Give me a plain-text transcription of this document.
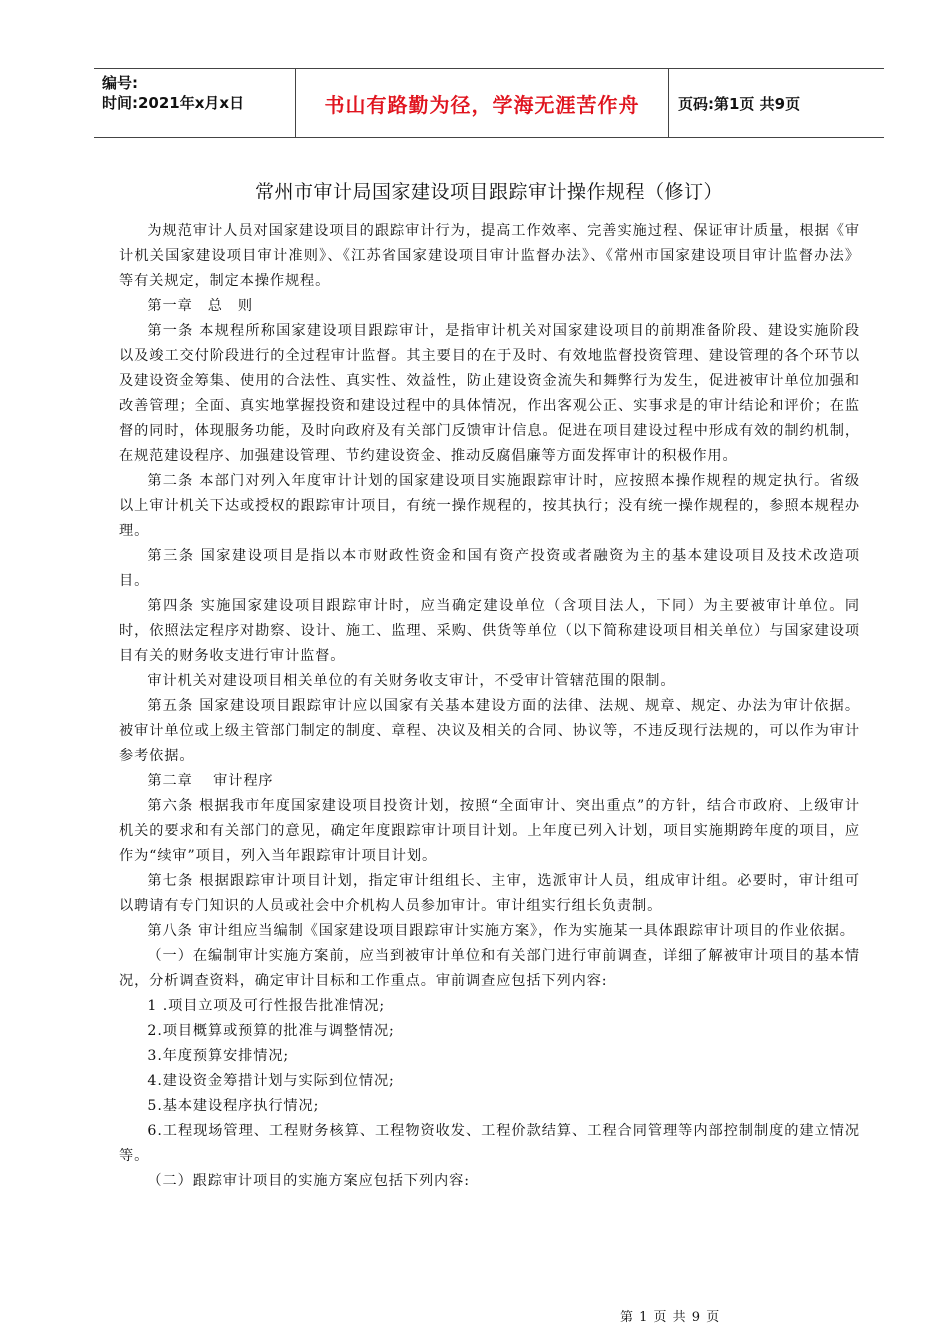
编号:
时间:2021年x月x日	书山有路勤为径，学海无涯苦作舟	页码:第1页 共9页
常州市审计局国家建设项目跟踪审计操作规程（修订）

为规范审计人员对国家建设项目的跟踪审计行为，提高工作效率、完善实施过程、保证审计质量，根据《审计机关国家建设项目审计准则》、《江苏省国家建设项目审计监督办法》、《常州市国家建设项目审计监督办法》等有关规定，制定本操作规程。

第一章　总　则

第一条 本规程所称国家建设项目跟踪审计，是指审计机关对国家建设项目的前期准备阶段、建设实施阶段以及竣工交付阶段进行的全过程审计监督。其主要目的在于及时、有效地监督投资管理、建设管理的各个环节以及建设资金筹集、使用的合法性、真实性、效益性，防止建设资金流失和舞弊行为发生，促进被审计单位加强和改善管理；全面、真实地掌握投资和建设过程中的具体情况，作出客观公正、实事求是的审计结论和评价；在监督的同时，体现服务功能，及时向政府及有关部门反馈审计信息。促进在项目建设过程中形成有效的制约机制，在规范建设程序、加强建设管理、节约建设资金、推动反腐倡廉等方面发挥审计的积极作用。

第二条 本部门对列入年度审计计划的国家建设项目实施跟踪审计时，应按照本操作规程的规定执行。省级以上审计机关下达或授权的跟踪审计项目，有统一操作规程的，按其执行；没有统一操作规程的，参照本规程办理。

第三条 国家建设项目是指以本市财政性资金和国有资产投资或者融资为主的基本建设项目及技术改造项目。

第四条 实施国家建设项目跟踪审计时，应当确定建设单位（含项目法人，下同）为主要被审计单位。同时，依照法定程序对勘察、设计、施工、监理、采购、供货等单位（以下简称建设项目相关单位）与国家建设项目有关的财务收支进行审计监督。

审计机关对建设项目相关单位的有关财务收支审计，不受审计管辖范围的限制。

第五条 国家建设项目跟踪审计应以国家有关基本建设方面的法律、法规、规章、规定、办法为审计依据。被审计单位或上级主管部门制定的制度、章程、决议及相关的合同、协议等，不违反现行法规的，可以作为审计参考依据。

第二章　 审计程序

第六条 根据我市年度国家建设项目投资计划，按照“全面审计、突出重点”的方针，结合市政府、上级审计机关的要求和有关部门的意见，确定年度跟踪审计项目计划。上年度已列入计划，项目实施期跨年度的项目，应作为“续审”项目，列入当年跟踪审计项目计划。

第七条 根据跟踪审计项目计划，指定审计组组长、主审，选派审计人员，组成审计组。必要时，审计组可以聘请有专门知识的人员或社会中介机构人员参加审计。审计组实行组长负责制。

第八条 审计组应当编制《国家建设项目跟踪审计实施方案》，作为实施某一具体跟踪审计项目的作业依据。

（一）在编制审计实施方案前，应当到被审计单位和有关部门进行审前调查，详细了解被审计项目的基本情况，分析调查资料，确定审计目标和工作重点。审前调查应包括下列内容:

1 .项目立项及可行性报告批准情况;

2.项目概算或预算的批准与调整情况;

3.年度预算安排情况;

4.建设资金筹措计划与实际到位情况;

5.基本建设程序执行情况;

6.工程现场管理、工程财务核算、工程物资收发、工程价款结算、工程合同管理等内部控制制度的建立情况等。

（二）跟踪审计项目的实施方案应包括下列内容:

第 1 页 共 9 页
